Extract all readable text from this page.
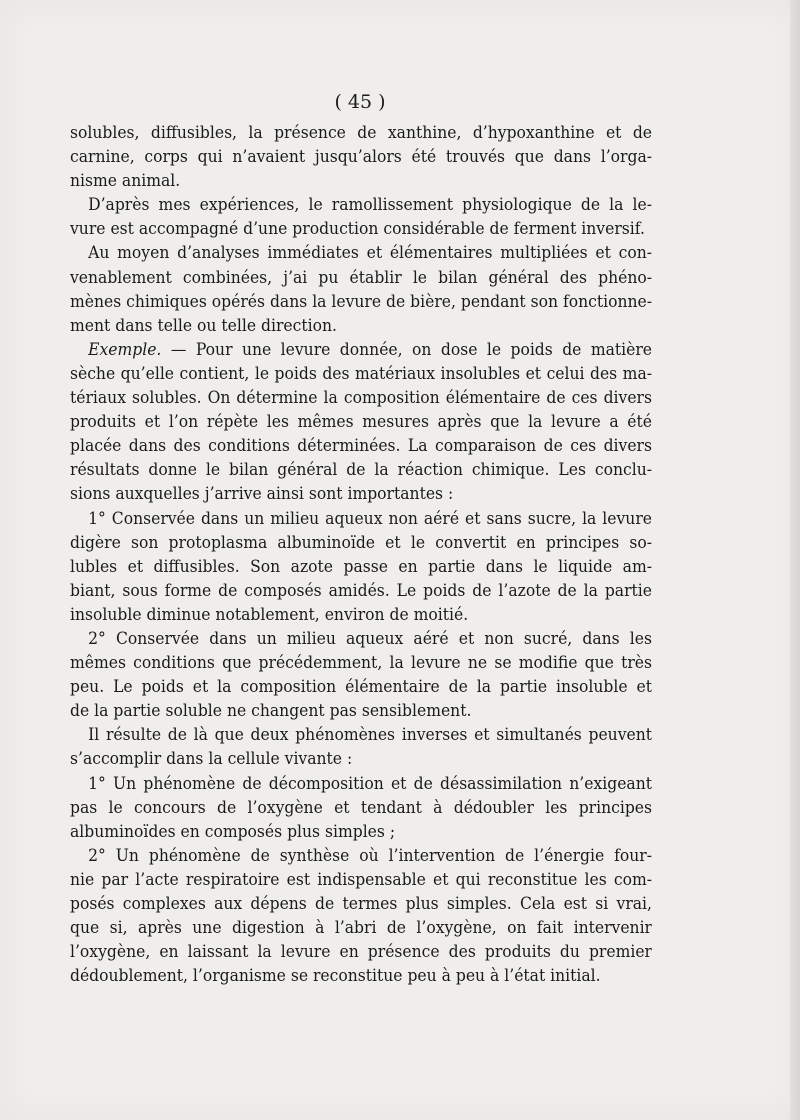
( 45 )
solubles, diffusibles, la présence de xanthine, d’hypoxanthine et de
carnine, corps qui n’avaient jusqu’alors été trouvés que dans l’orga-
nisme animal.
D’après mes expériences, le ramollissement physiologique de la le-
vure est accompagné d’une production considérable de ferment inversif.
Au moyen d’analyses immédiates et élémentaires multipliées et con-
venablement combinées, j’ai pu établir le bilan général des phéno-
mènes chimiques opérés dans la levure de bière, pendant son fonctionne-
ment dans telle ou telle direction.
Exemple. — Pour une levure donnée, on dose le poids de matière
sèche qu’elle contient, le poids des matériaux insolubles et celui des ma-
tériaux solubles. On détermine la composition élémentaire de ces divers
produits et l’on répète les mêmes mesures après que la levure a été
placée dans des conditions déterminées. La comparaison de ces divers
résultats donne le bilan général de la réaction chimique. Les conclu-
sions auxquelles j’arrive ainsi sont importantes :
1° Conservée dans un milieu aqueux non aéré et sans sucre, la levure
digère son protoplasma albuminoïde et le convertit en principes so-
lubles et diffusibles. Son azote passe en partie dans le liquide am-
biant, sous forme de composés amidés. Le poids de l’azote de la partie
insoluble diminue notablement, environ de moitié.
2° Conservée dans un milieu aqueux aéré et non sucré, dans les
mêmes conditions que précédemment, la levure ne se modifie que très
peu. Le poids et la composition élémentaire de la partie insoluble et
de la partie soluble ne changent pas sensiblement.
Il résulte de là que deux phénomènes inverses et simultanés peuvent
s’accomplir dans la cellule vivante :
1° Un phénomène de décomposition et de désassimilation n’exigeant
pas le concours de l’oxygène et tendant à dédoubler les principes
albuminoïdes en composés plus simples ;
2° Un phénomène de synthèse où l’intervention de l’énergie four-
nie par l’acte respiratoire est indispensable et qui reconstitue les com-
posés complexes aux dépens de termes plus simples. Cela est si vrai,
que si, après une digestion à l’abri de l’oxygène, on fait intervenir
l’oxygène, en laissant la levure en présence des produits du premier
dédoublement, l’organisme se reconstitue peu à peu à l’état initial.
